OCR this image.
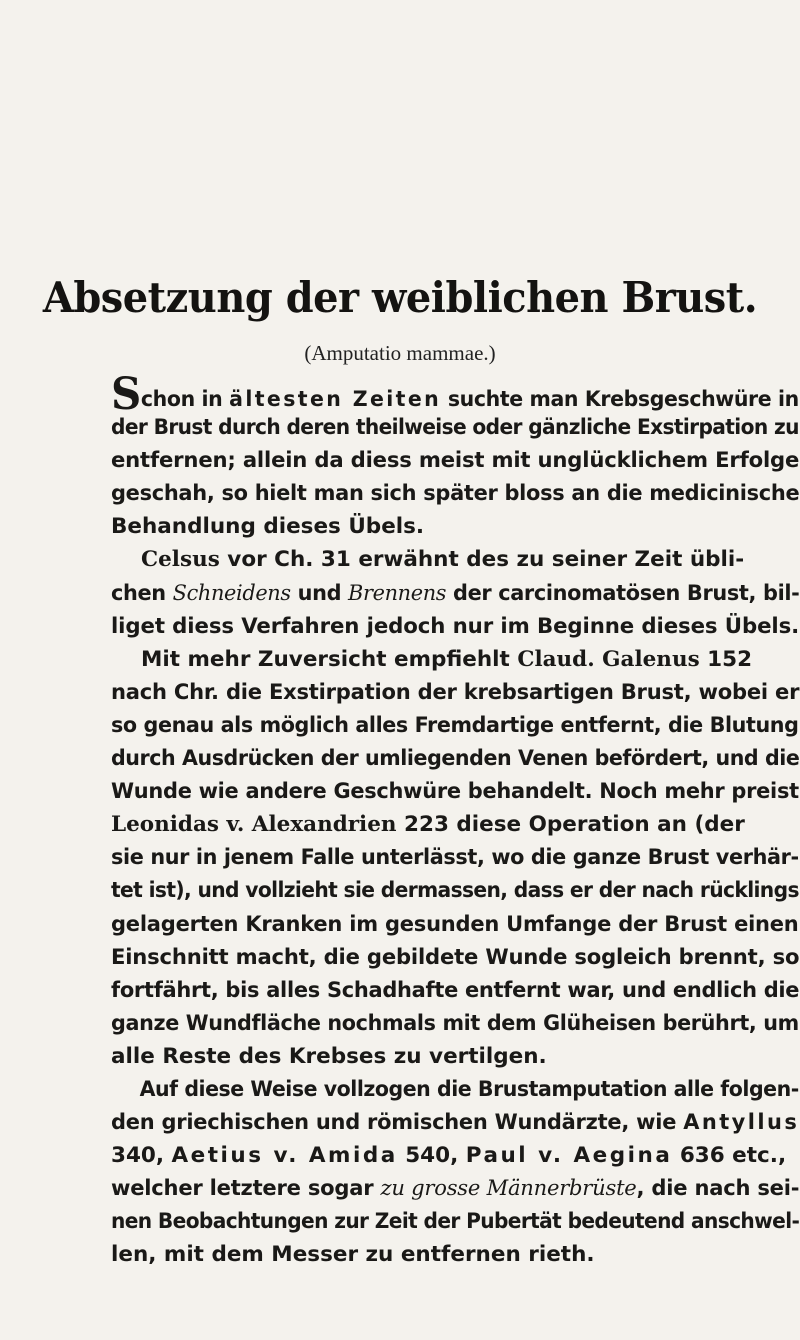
Absetzung der weiblichen Brust.
(Amputatio mammae.)
Schon in ältesten Zeiten suchte man Krebsgeschwüre in
der Brust durch deren theilweise oder gänzliche Exstirpation zu
entfernen; allein da diess meist mit unglücklichem Erfolge
geschah, so hielt man sich später bloss an die medicinische
Behandlung dieses Übels.
Celsus vor Ch. 31 erwähnt des zu seiner Zeit übli-
chen Schneidens und Brennens der carcinomatösen Brust, bil-
liget diess Verfahren jedoch nur im Beginne dieses Übels.
Mit mehr Zuversicht empfiehlt Claud. Galenus 152
nach Chr. die Exstirpation der krebsartigen Brust, wobei er
so genau als möglich alles Fremdartige entfernt, die Blutung
durch Ausdrücken der umliegenden Venen befördert, und die
Wunde wie andere Geschwüre behandelt. Noch mehr preist
Leonidas v. Alexandrien 223 diese Operation an (der
sie nur in jenem Falle unterlässt, wo die ganze Brust verhär-
tet ist), und vollzieht sie dermassen, dass er der nach rücklings
gelagerten Kranken im gesunden Umfange der Brust einen
Einschnitt macht, die gebildete Wunde sogleich brennt, so
fortfährt, bis alles Schadhafte entfernt war, und endlich die
ganze Wundfläche nochmals mit dem Glüheisen berührt, um
alle Reste des Krebses zu vertilgen.
Auf diese Weise vollzogen die Brustamputation alle folgen-
den griechischen und römischen Wundärzte, wie Antyllus
340, Aetius v. Amida 540, Paul v. Aegina 636 etc.,
welcher letztere sogar zu grosse Männerbrüste, die nach sei-
nen Beobachtungen zur Zeit der Pubertät bedeutend anschwel-
len, mit dem Messer zu entfernen rieth.
